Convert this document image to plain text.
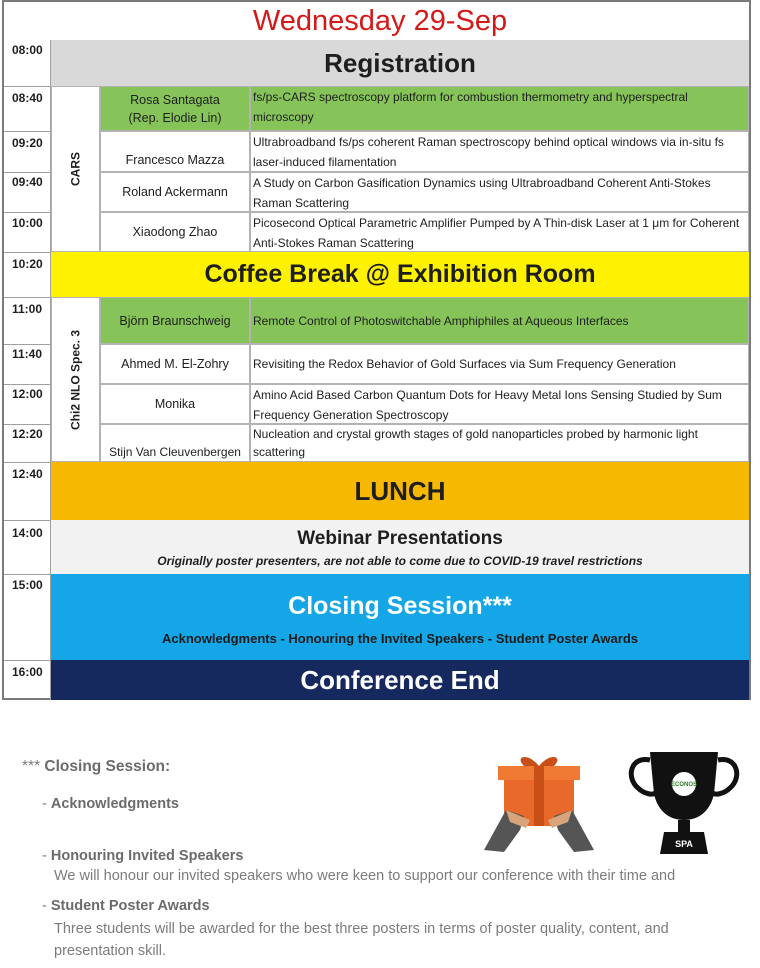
Wednesday 29-Sep
08:00
08:40
09:20
09:40
10:00
10:20
11:00
11:40
12:00
12:20
12:40
14:00
15:00
16:00
Registration
CARS
Rosa Santagata
(Rep. Elodie Lin)
fs/ps-CARS spectroscopy platform for combustion thermometry and hyperspectral microscopy
Francesco Mazza
Ultrabroadband fs/ps coherent Raman spectroscopy behind optical windows via in-situ fs laser-induced filamentation
Roland Ackermann
A Study on Carbon Gasification Dynamics using Ultrabroadband Coherent Anti-Stokes Raman Scattering
Xiaodong Zhao
Picosecond Optical Parametric Amplifier Pumped by A Thin-disk Laser at 1 μm for Coherent Anti-Stokes Raman Scattering
Coffee Break @ Exhibition Room
Chi2 NLO Spec. 3
Björn Braunschweig	Remote Control of Photoswitchable Amphiphiles at Aqueous Interfaces
Ahmed M. El-Zohry	Revisiting the Redox Behavior of Gold Surfaces via Sum Frequency Generation
Monika
Amino Acid Based Carbon Quantum Dots for Heavy Metal Ions Sensing Studied by Sum Frequency Generation Spectroscopy
Stijn Van Cleuvenbergen
Nucleation and crystal growth stages of gold nanoparticles probed by harmonic light scattering
LUNCH
Webinar Presentations
Originally poster presenters, are not able to come due to COVID-19 travel restrictions
Closing Session***
Acknowledgments - Honouring the Invited Speakers - Student Poster Awards
Conference End
*** Closing Session:
- Acknowledgments
- Honouring Invited Speakers
We will honour our invited speakers who were keen to support our conference with their time and
- Student Poster Awards
Three students will be awarded for the best three posters in terms of poster quality, content, and presentation skill.
ECONOS
SPA
